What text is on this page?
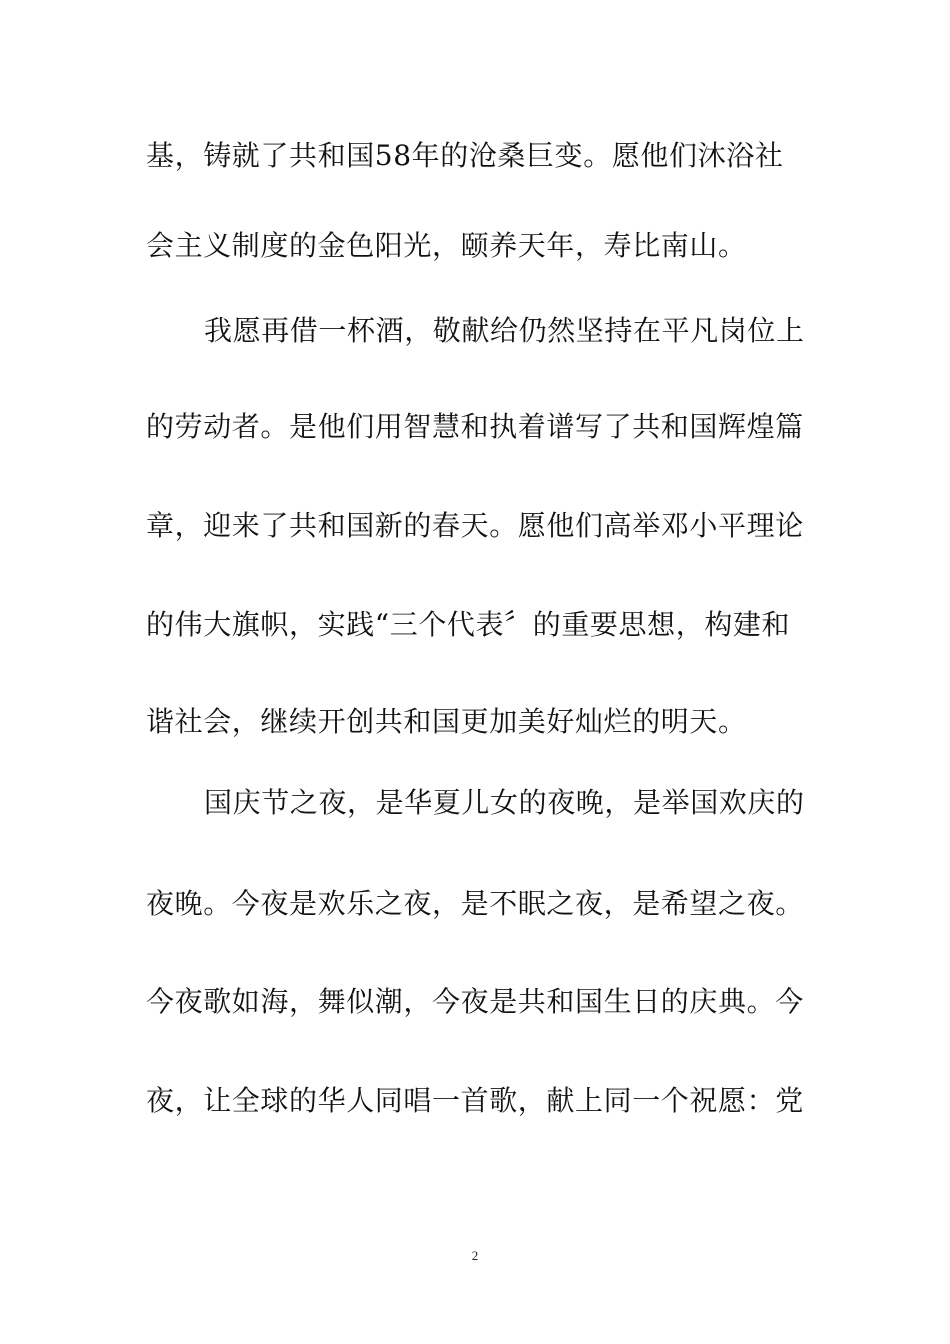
基，铸就了共和国58年的沧桑巨变。愿他们沐浴社
会主义制度的金色阳光，颐养天年，寿比南山。
我愿再借一杯酒，敬献给仍然坚持在平凡岗位上
的劳动者。是他们用智慧和执着谱写了共和国辉煌篇
章，迎来了共和国新的春天。愿他们高举邓小平理论
的伟大旗帜，实践“三个代表〞的重要思想，构建和
谐社会，继续开创共和国更加美好灿烂的明天。
国庆节之夜，是华夏儿女的夜晚，是举国欢庆的
夜晚。今夜是欢乐之夜，是不眠之夜，是希望之夜。
今夜歌如海，舞似潮，今夜是共和国生日的庆典。今
夜，让全球的华人同唱一首歌，献上同一个祝愿：党
2
